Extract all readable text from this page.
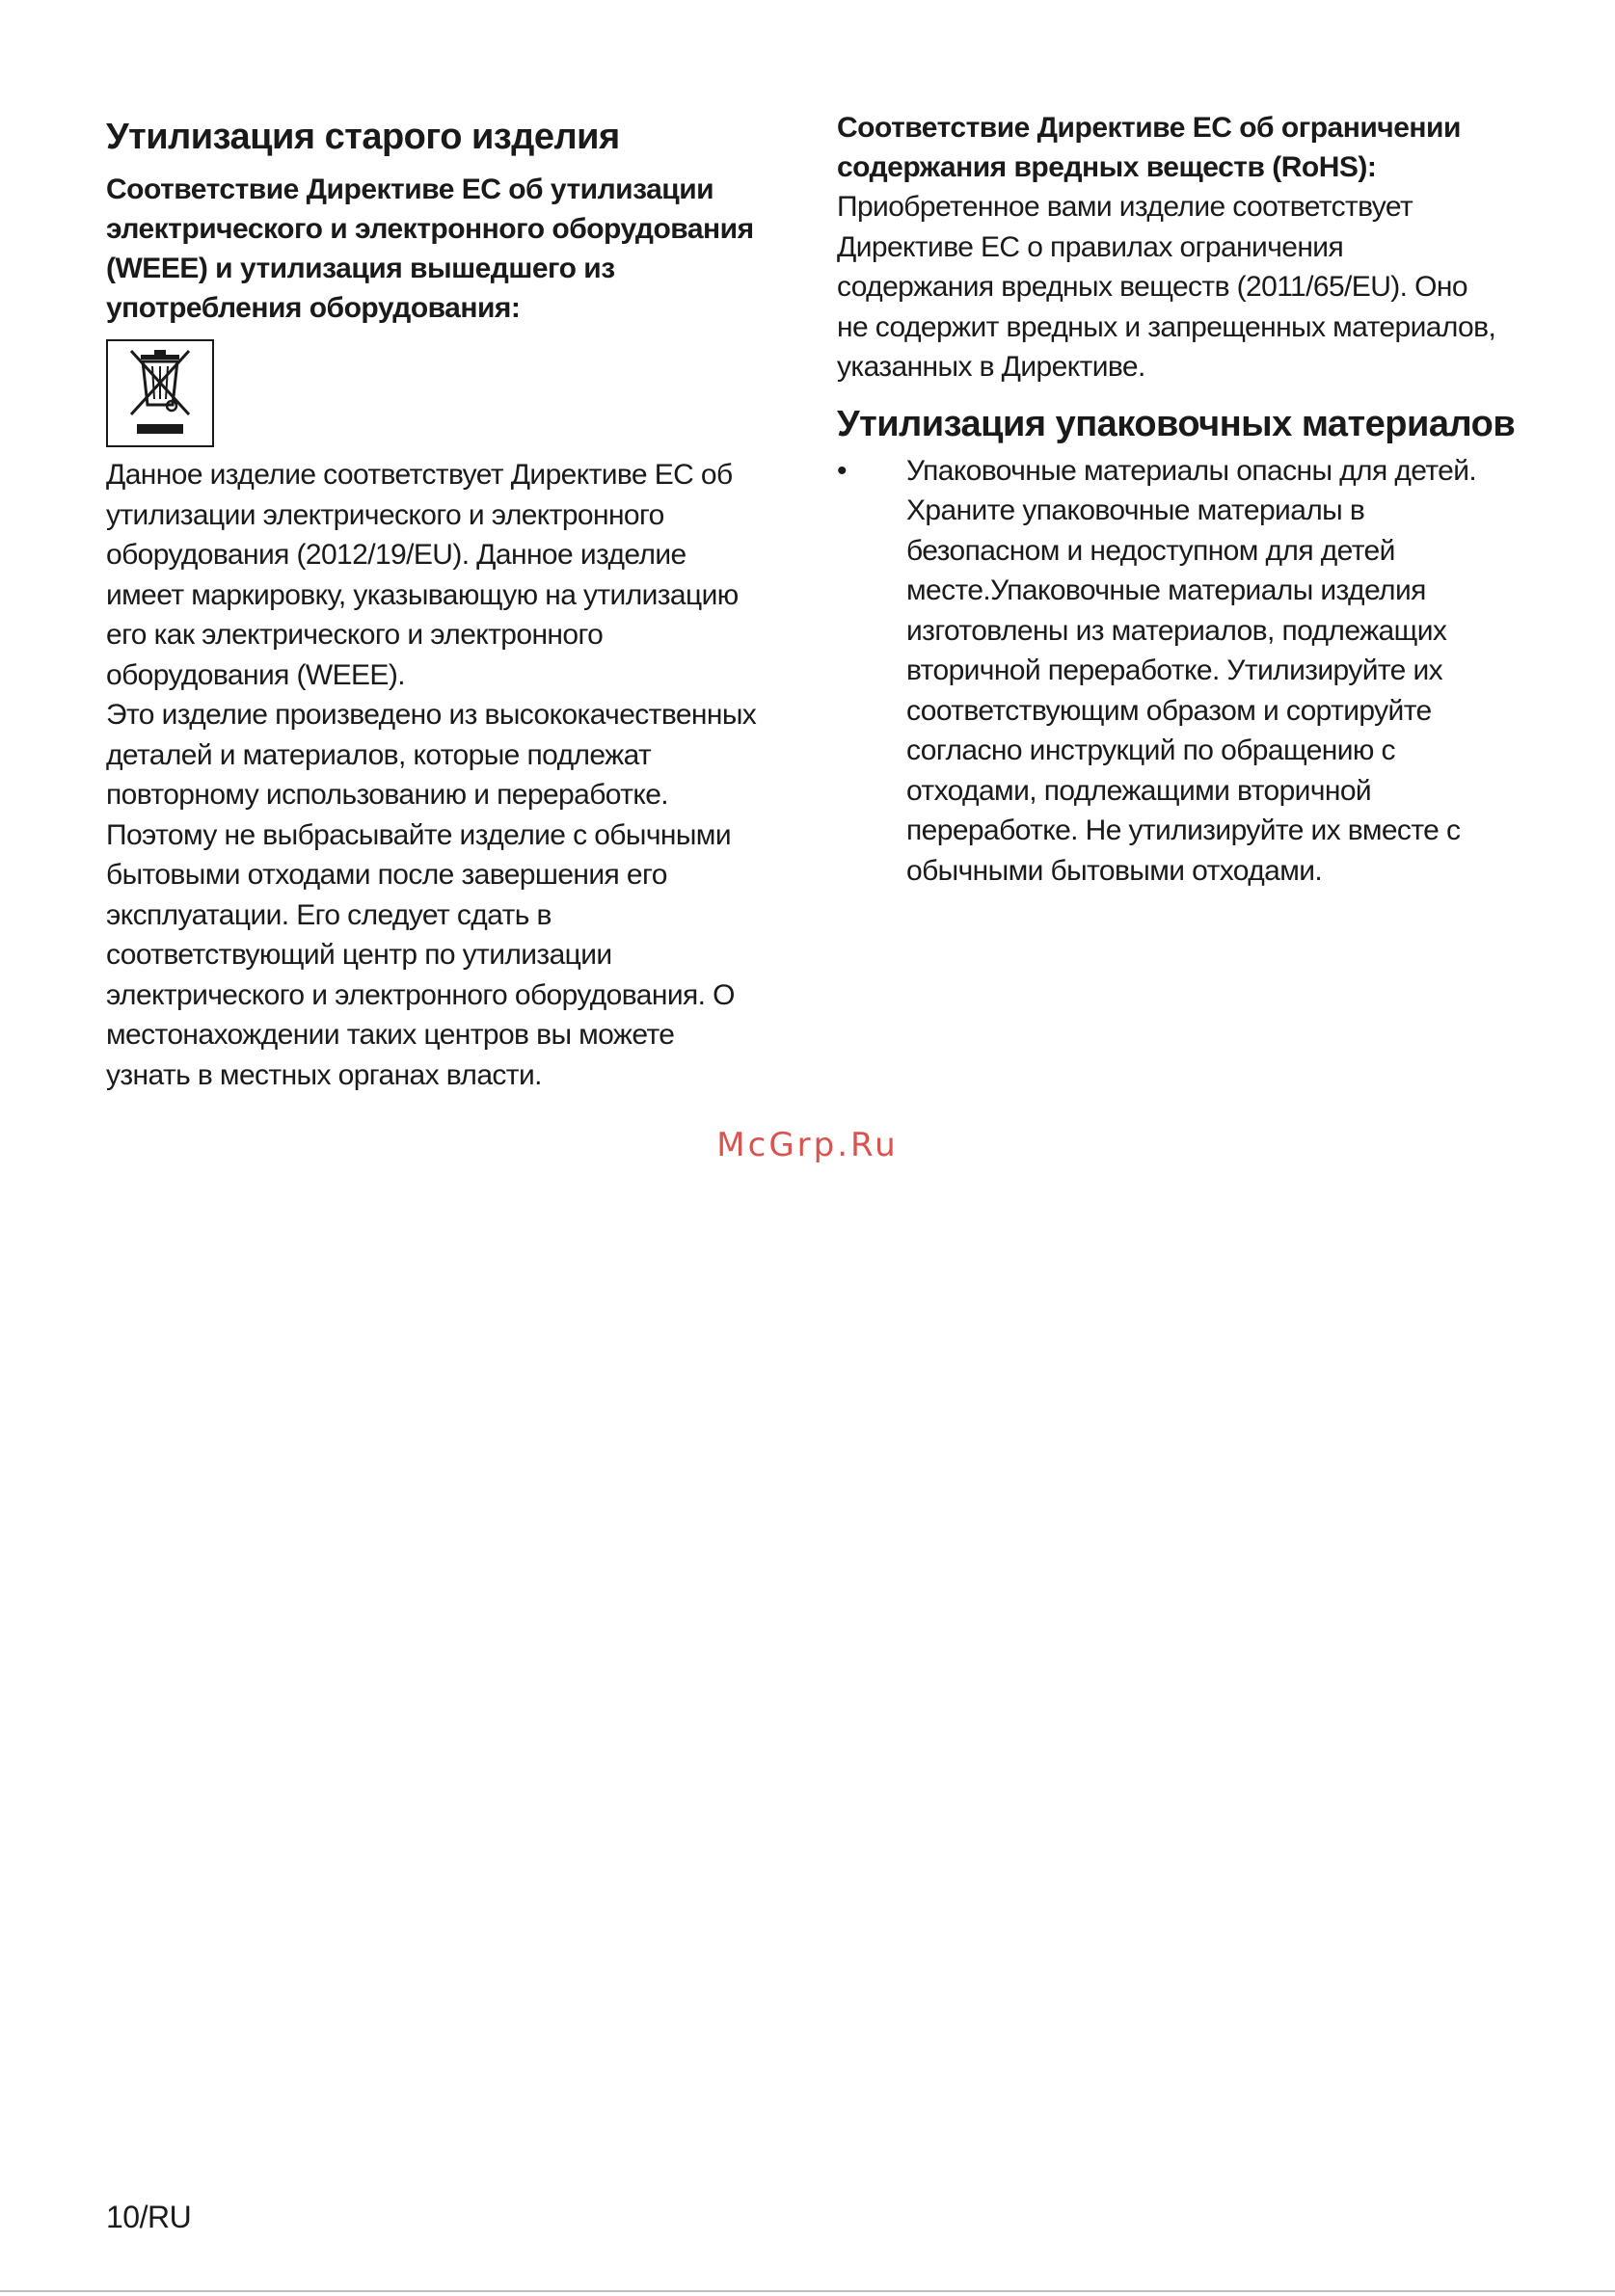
Утилизация старого изделия
Соответствие Директиве ЕС об утилизации
электрического и электронного оборудования
(WEEE) и утилизация вышедшего из
употребления оборудования:
Данное изделие соответствует Директиве ЕС об
утилизации электрического и электронного
оборудования (2012/19/EU). Данное изделие
имеет маркировку, указывающую на утилизацию
его как электрического и электронного
оборудования (WEEE).
Это изделие произведено из высококачественных
деталей и материалов, которые подлежат
повторному использованию и переработке.
Поэтому не выбрасывайте изделие с обычными
бытовыми отходами после завершения его
эксплуатации. Его следует сдать в
соответствующий центр по утилизации
электрического и электронного оборудования. О
местонахождении таких центров вы можете
узнать в местных органах власти.
Соответствие Директиве ЕС об ограничении
содержания вредных веществ (RoHS):
Приобретенное вами изделие соответствует
Директиве ЕС о правилах ограничения
содержания вредных веществ (2011/65/EU). Оно
не содержит вредных и запрещенных материалов,
указанных в Директиве.
Утилизация упаковочных материалов
• Упаковочные материалы опасны для детей.
Храните упаковочные материалы в
безопасном и недоступном для детей
месте.Упаковочные материалы изделия
изготовлены из материалов, подлежащих
вторичной переработке. Утилизируйте их
соответствующим образом и сортируйте
согласно инструкций по обращению с
отходами, подлежащими вторичной
переработке. Не утилизируйте их вместе с
обычными бытовыми отходами.
McGrp.Ru
10/RU
